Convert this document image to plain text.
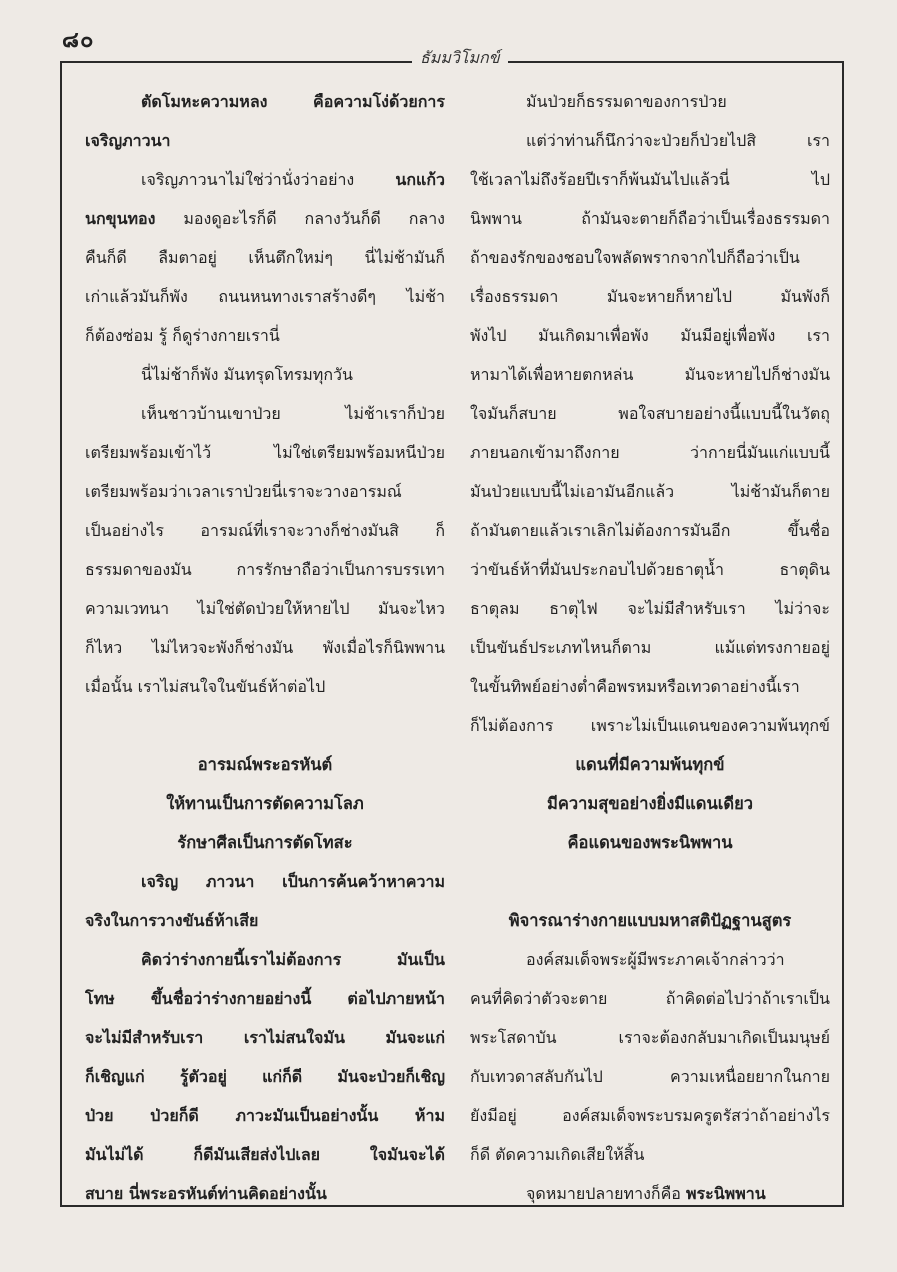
๘๐
ธัมมวิโมกข์
ตัดโมหะความหลง คือความโง่ด้วยการ
เจริญภาวนา
เจริญภาวนาไม่ใช่ว่านั่งว่าอย่าง นกแก้ว
นกขุนทอง มองดูอะไรก็ดี กลางวันก็ดี กลาง
คืนก็ดี ลืมตาอยู่ เห็นตึกใหม่ๆ นี่ไม่ช้ามันก็
เก่าแล้วมันก็พัง ถนนหนทางเราสร้างดีๆ ไม่ช้า
ก็ต้องซ่อม รู้ ก็ดูร่างกายเรานี่
นี่ไม่ช้าก็พัง มันทรุดโทรมทุกวัน
เห็นชาวบ้านเขาป่วย ไม่ช้าเราก็ป่วย
เตรียมพร้อมเข้าไว้ ไม่ใช่เตรียมพร้อมหนีป่วย
เตรียมพร้อมว่าเวลาเราป่วยนี่เราจะวางอารมณ์
เป็นอย่างไร อารมณ์ที่เราจะวางก็ช่างมันสิ ก็
ธรรมดาของมัน การรักษาถือว่าเป็นการบรรเทา
ความเวทนา ไม่ใช่ตัดป่วยให้หายไป มันจะไหว
ก็ไหว ไม่ไหวจะพังก็ช่างมัน พังเมื่อไรก็นิพพาน
เมื่อนั้น เราไม่สนใจในขันธ์ห้าต่อไป
อารมณ์พระอรหันต์
ให้ทานเป็นการตัดความโลภ
รักษาศีลเป็นการตัดโทสะ
เจริญ ภาวนา เป็นการค้นคว้าหาความ
จริงในการวางขันธ์ห้าเสีย
คิดว่าร่างกายนี้เราไม่ต้องการ มันเป็น
โทษ ขึ้นชื่อว่าร่างกายอย่างนี้ ต่อไปภายหน้า
จะไม่มีสำหรับเรา เราไม่สนใจมัน มันจะแก่
ก็เชิญแก่ รู้ตัวอยู่ แก่ก็ดี มันจะป่วยก็เชิญ
ป่วย ป่วยก็ดี ภาวะมันเป็นอย่างนั้น ห้าม
มันไม่ได้ ก็ดีมันเสียส่งไปเลย ใจมันจะได้
สบาย นี่พระอรหันต์ท่านคิดอย่างนั้น
มันป่วยก็ธรรมดาของการป่วย
แต่ว่าท่านก็นึกว่าจะป่วยก็ป่วยไปสิ เรา
ใช้เวลาไม่ถึงร้อยปีเราก็พ้นมันไปแล้วนี่ ไป
นิพพาน ถ้ามันจะตายก็ถือว่าเป็นเรื่องธรรมดา
ถ้าของรักของชอบใจพลัดพรากจากไปก็ถือว่าเป็น
เรื่องธรรมดา มันจะหายก็หายไป มันพังก็
พังไป มันเกิดมาเพื่อพัง มันมีอยู่เพื่อพัง เรา
หามาได้เพื่อหายตกหล่น มันจะหายไปก็ช่างมัน
ใจมันก็สบาย พอใจสบายอย่างนี้แบบนี้ในวัตถุ
ภายนอกเข้ามาถึงกาย ว่ากายนี่มันแก่แบบนี้
มันป่วยแบบนี้ไม่เอามันอีกแล้ว ไม่ช้ามันก็ตาย
ถ้ามันตายแล้วเราเลิกไม่ต้องการมันอีก ขึ้นชื่อ
ว่าขันธ์ห้าที่มันประกอบไปด้วยธาตุน้ำ ธาตุดิน
ธาตุลม ธาตุไฟ จะไม่มีสำหรับเรา ไม่ว่าจะ
เป็นขันธ์ประเภทไหนก็ตาม แม้แต่ทรงกายอยู่
ในขั้นทิพย์อย่างต่ำคือพรหมหรือเทวดาอย่างนี้เรา
ก็ไม่ต้องการ เพราะไม่เป็นแดนของความพ้นทุกข์
แดนที่มีความพ้นทุกข์
มีความสุขอย่างยิ่งมีแดนเดียว
คือแดนของพระนิพพาน
พิจารณาร่างกายแบบมหาสติปัฏฐานสูตร
องค์สมเด็จพระผู้มีพระภาคเจ้ากล่าวว่า
คนที่คิดว่าตัวจะตาย ถ้าคิดต่อไปว่าถ้าเราเป็น
พระโสดาบัน เราจะต้องกลับมาเกิดเป็นมนุษย์
กับเทวดาสลับกันไป ความเหนื่อยยากในกาย
ยังมีอยู่ องค์สมเด็จพระบรมครูตรัสว่าถ้าอย่างไร
ก็ดี ตัดความเกิดเสียให้สิ้น
จุดหมายปลายทางก็คือ พระนิพพาน
